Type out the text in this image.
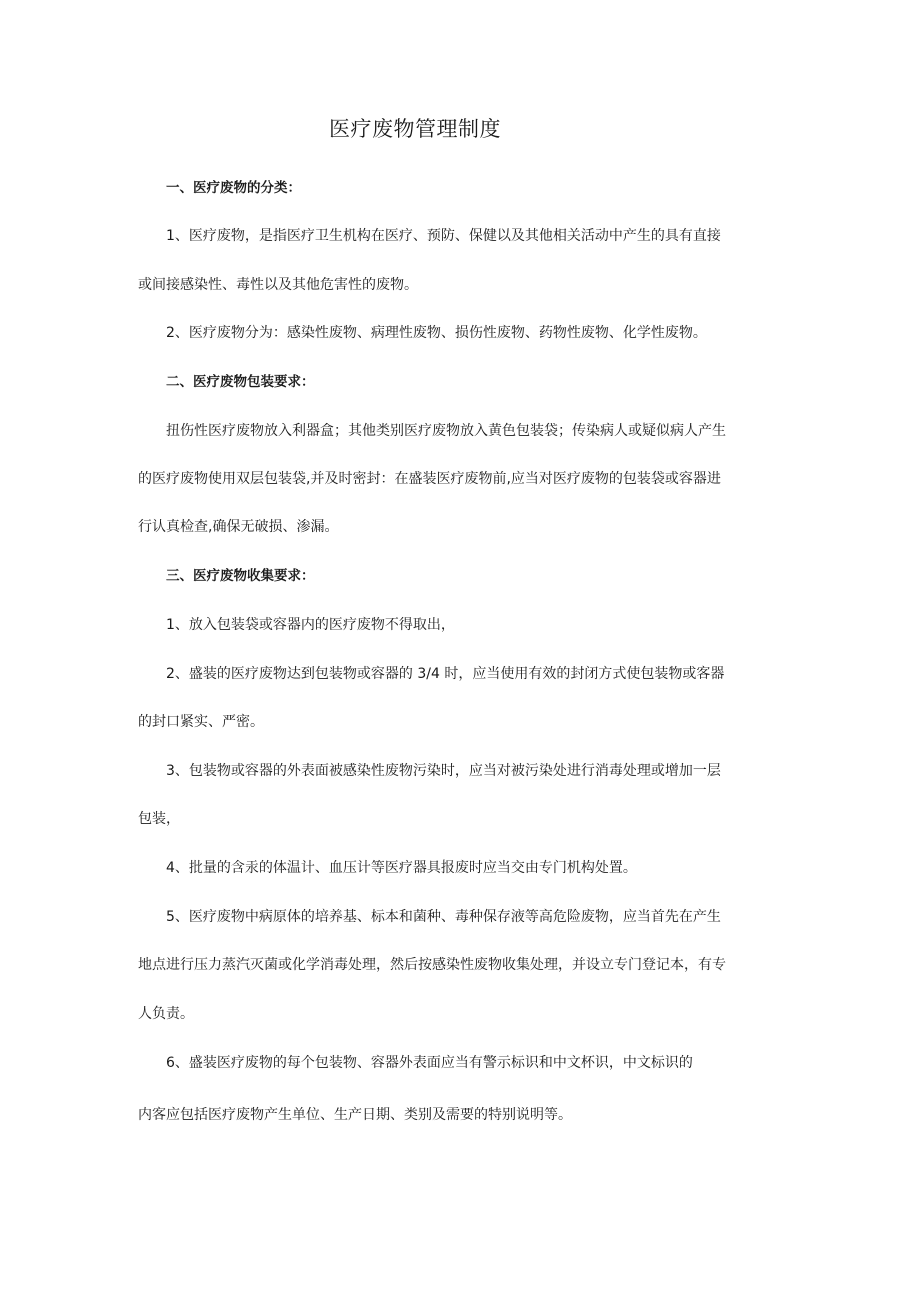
医疗废物管理制度
一、医疗废物的分类：
1、医疗废物，是指医疗卫生机构在医疗、预防、保健以及其他相关活动中产生的具有直接
或间接感染性、毒性以及其他危害性的废物。
2、医疗废物分为：感染性废物、病理性废物、损伤性废物、药物性废物、化学性废物。
二、医疗废物包装要求：
扭伤性医疗废物放入利器盒；其他类别医疗废物放入黄色包装袋；传染病人或疑似病人产生
的医疗废物使用双层包装袋,并及时密封：在盛装医疗废物前,应当对医疗废物的包装袋或容器进
行认真检查,确保无破损、渗漏。
三、医疗废物收集要求：
1、放入包装袋或容器内的医疗废物不得取出，
2、盛装的医疗废物达到包装物或容器的 3/4 时，应当使用有效的封闭方式使包装物或客器
的封口紧实、严密。
3、包装物或容器的外表面被感染性废物污染时，应当对被污染处进行消毒处理或增加一层
包装，
4、批量的含汞的体温计、血压计等医疗器具报废时应当交由专门机构处置。
5、医疗废物中病原体的培养基、标本和菌种、毒种保存液等高危险废物，应当首先在产生
地点进行压力蒸汽灭菌或化学消毒处理，然后按感染性废物收集处理，并设立专门登记本，有专
人负责。
6、盛装医疗废物的每个包装物、容器外表面应当有警示标识和中文杯识，中文标识的
内客应包括医疗废物产生单位、生产日期、类别及需要的特别说明等。
